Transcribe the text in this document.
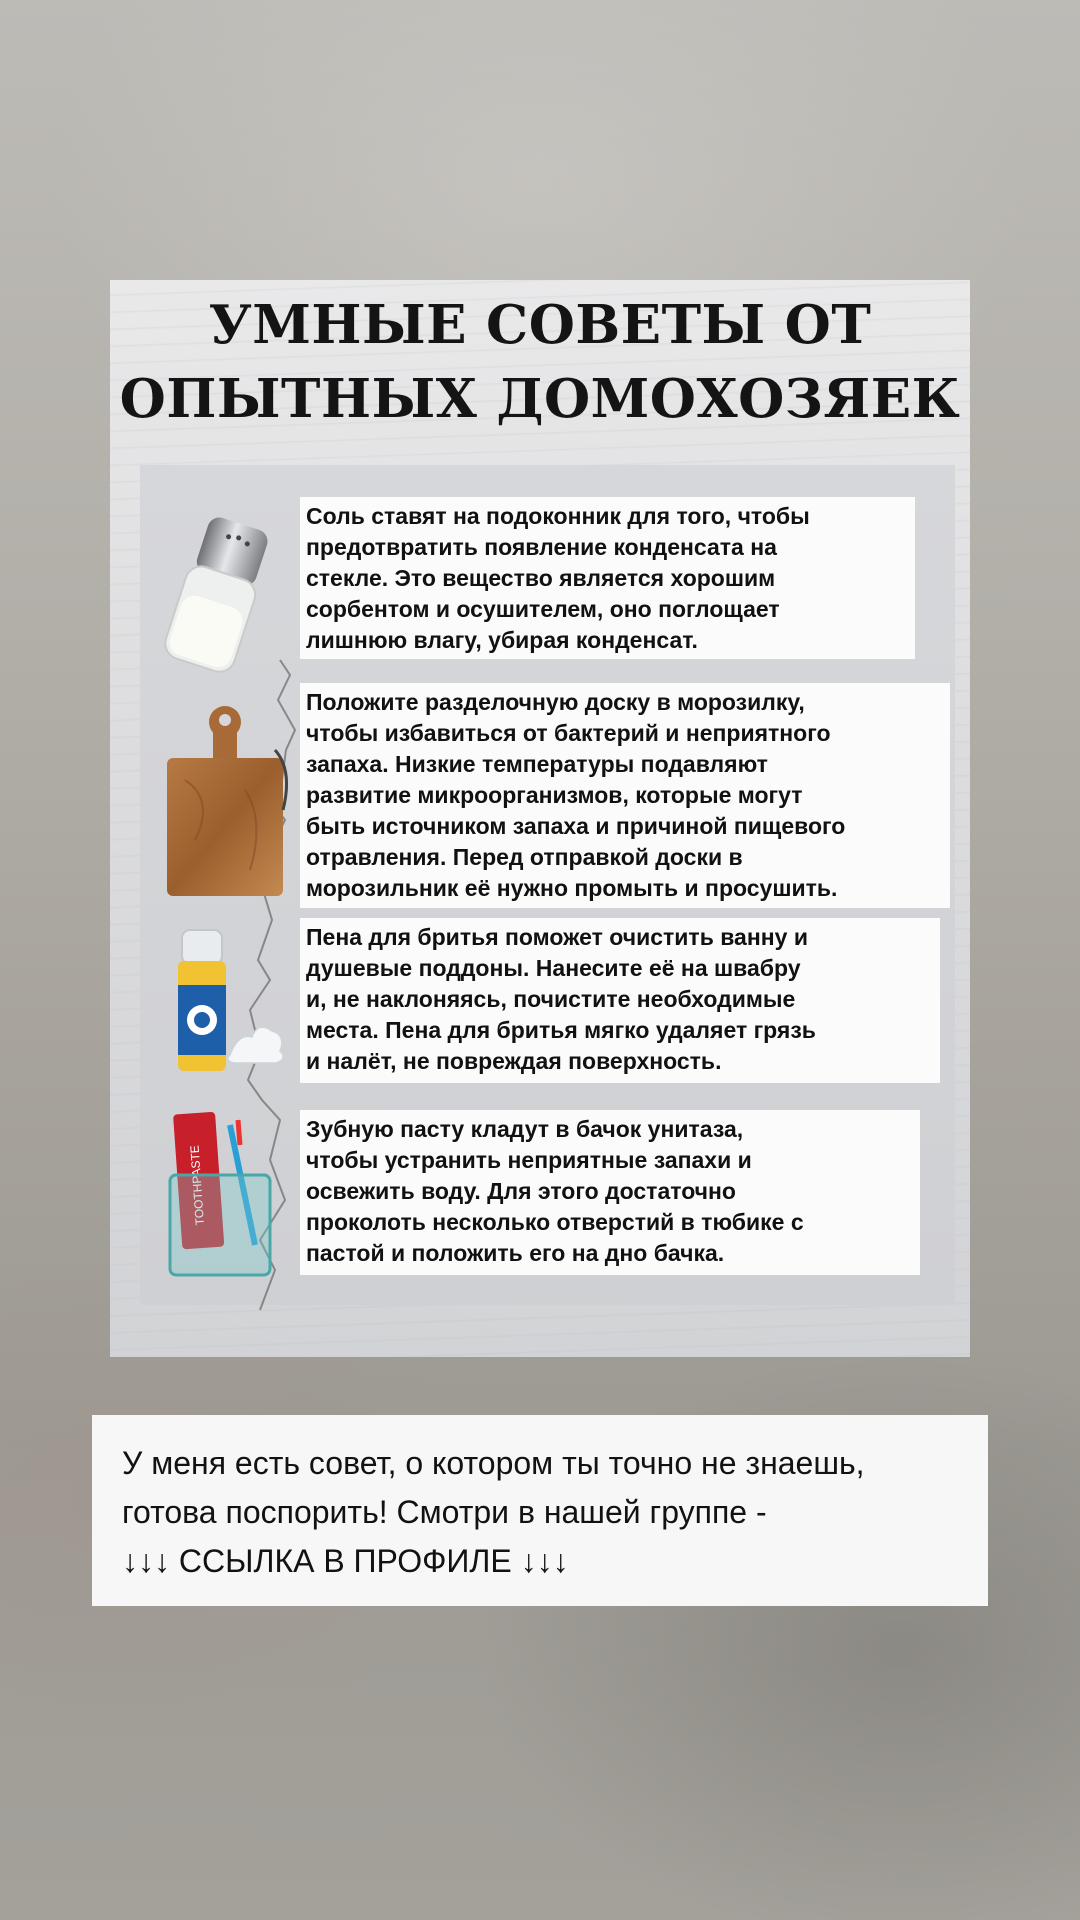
УМНЫЕ СОВЕТЫ ОТ
ОПЫТНЫХ ДОМОХОЗЯЕК
Соль ставят на подоконник для того, чтобы
предотвратить появление конденсата на
стекле. Это вещество является хорошим
сорбентом и осушителем, оно поглощает
лишнюю влагу, убирая конденсат.
Положите разделочную доску в морозилку,
чтобы избавиться от бактерий и неприятного
запаха. Низкие температуры подавляют
развитие микроорганизмов, которые могут
быть источником запаха и причиной пищевого
отравления. Перед отправкой доски в
морозильник её нужно промыть и просушить.
Пена для бритья поможет очистить ванну и
душевые поддоны. Нанесите её на швабру
и, не наклоняясь, почистите необходимые
места. Пена для бритья мягко удаляет грязь
и налёт, не повреждая поверхность.
Зубную пасту кладут в бачок унитаза,
чтобы устранить неприятные запахи и
освежить воду. Для этого достаточно
проколоть несколько отверстий в тюбике с
пастой и положить его на дно бачка.
У меня есть совет, о котором ты точно не знаешь,
готова поспорить! Смотри в нашей группе -
↓↓↓ ССЫЛКА В ПРОФИЛЕ ↓↓↓
